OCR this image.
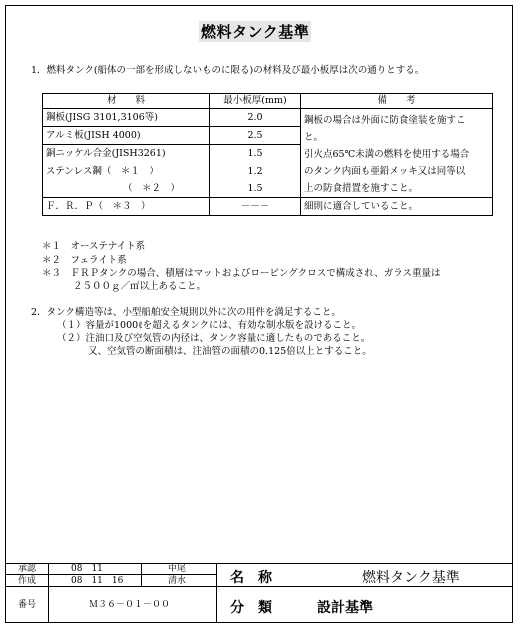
燃料タンク基準
1．燃料タンク(船体の一部を形成しないものに限る)の材料及び最小板厚は次の通りとする。
材　　料	最小板厚(mm)	備　　考
鋼板(JISG 3101,3106等)	2.0	鋼板の場合は外面に防食塗装を施すこ
と。
引火点65℃未満の燃料を使用する場合
のタンク内面も亜鉛メッキ又は同等以
上の防食措置を施すこと。

アルミ板(JISH 4000)	2.5	
銅ニッケル合金(JISH3261)	1.5	
ステンレス鋼（　＊１　）	1.2	
（　＊２　）	1.5	
Ｆ．Ｒ．Ｐ（　＊３　）	－－－	細則に適合していること。
＊１　オーステナイト系
＊２　フェライト系
＊３　ＦＲＰタンクの場合、積層はマットおよびロービングクロスで構成され、ガラス重量は
２５００ｇ／㎡以上あること。
2．タンク構造等は、小型船舶安全規則以外に次の用件を満足すること。
（１）容量が1000ℓを超えるタンクには、有効な制水版を設けること。
（２）注油口及び空気管の内径は、タンク容量に適したものであること。
又、空気管の断面積は、注油管の面積の0.125倍以上とすること。
承認	08　11	中尾
作成	08　11　16	清水	名　称	燃料タンク基準
番号	Ｍ３６－０１－００	分　類	設計基準
